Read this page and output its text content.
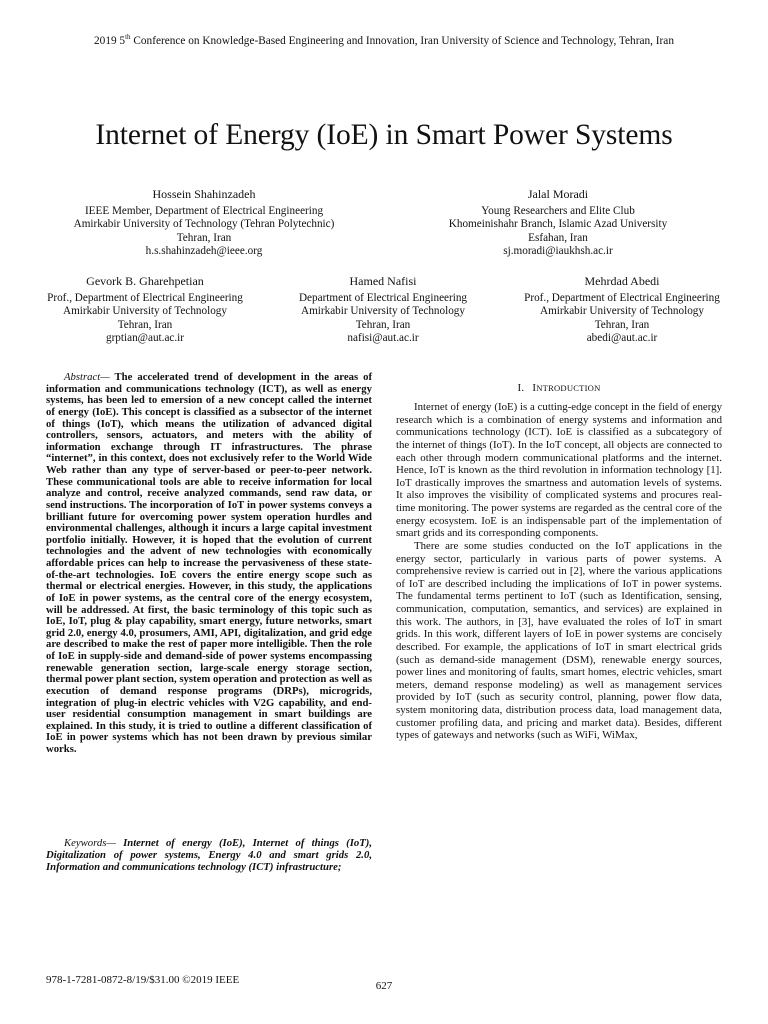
2019 5th Conference on Knowledge-Based Engineering and Innovation, Iran University of Science and Technology, Tehran, Iran
Internet of Energy (IoE) in Smart Power Systems
Hossein Shahinzadeh
IEEE Member, Department of Electrical Engineering
Amirkabir University of Technology (Tehran Polytechnic)
Tehran, Iran
h.s.shahinzadeh@ieee.org
Jalal Moradi
Young Researchers and Elite Club
Khomeinishahr Branch, Islamic Azad University
Esfahan, Iran
sj.moradi@iaukhsh.ac.ir
Gevork B. Gharehpetian
Prof., Department of Electrical Engineering
Amirkabir University of Technology
Tehran, Iran
grptian@aut.ac.ir
Hamed Nafisi
Department of Electrical Engineering
Amirkabir University of Technology
Tehran, Iran
nafisi@aut.ac.ir
Mehrdad Abedi
Prof., Department of Electrical Engineering
Amirkabir University of Technology
Tehran, Iran
abedi@aut.ac.ir
Abstract— The accelerated trend of development in the areas of information and communications technology (ICT), as well as energy systems, has been led to emersion of a new concept called the internet of energy (IoE). This concept is classified as a subsector of the internet of things (IoT), which means the utilization of advanced digital controllers, sensors, actuators, and meters with the ability of information exchange through IT infrastructures. The phrase “internet”, in this context, does not exclusively refer to the World Wide Web rather than any type of server-based or peer-to-peer network. These communicational tools are able to receive information for local analyze and control, receive analyzed commands, send raw data, or send instructions. The incorporation of IoT in power systems conveys a brilliant future for overcoming power system operation hurdles and environmental challenges, although it incurs a large capital investment portfolio initially. However, it is hoped that the evolution of current technologies and the advent of new technologies with economically affordable prices can help to increase the pervasiveness of these state-of-the-art technologies. IoE covers the entire energy scope such as thermal or electrical energies. However, in this study, the applications of IoE in power systems, as the central core of the energy ecosystem, will be addressed. At first, the basic terminology of this topic such as IoE, IoT, plug & play capability, smart energy, future networks, smart grid 2.0, energy 4.0, prosumers, AMI, API, digitalization, and grid edge are described to make the rest of paper more intelligible. Then the role of IoE in supply-side and demand-side of power systems encompassing renewable generation section, large-scale energy storage section, thermal power plant section, system operation and protection as well as execution of demand response programs (DRPs), microgrids, integration of plug-in electric vehicles with V2G capability, and end-user residential consumption management in smart buildings are explained. In this study, it is tried to outline a different classification of IoE in power systems which has not been drawn by previous similar works.
Keywords— Internet of energy (IoE), Internet of things (IoT), Digitalization of power systems, Energy 4.0 and smart grids 2.0, Information and communications technology (ICT) infrastructure;
I. INTRODUCTION

Internet of energy (IoE) is a cutting-edge concept in the field of energy research which is a combination of energy systems and information and communications technology (ICT). IoE is classified as a subcategory of the internet of things (IoT). In the IoT concept, all objects are connected to each other through modern communicational platforms and the internet. Hence, IoT is known as the third revolution in information technology [1]. IoT drastically improves the smartness and automation levels of systems. It also improves the visibility of complicated systems and procures real-time monitoring. The power systems are regarded as the central core of the energy ecosystem. IoE is an indispensable part of the implementation of smart grids and its corresponding components.

There are some studies conducted on the IoT applications in the energy sector, particularly in various parts of power systems. A comprehensive review is carried out in [2], where the various applications of IoT are described including the implications of IoT in power systems. The fundamental terms pertinent to IoT (such as Identification, sensing, communication, computation, semantics, and services) are explained in this work. The authors, in [3], have evaluated the roles of IoT in smart grids. In this work, different layers of IoE in power systems are concisely described. For example, the applications of IoT in smart electrical grids (such as demand-side management (DSM), renewable energy sources, power lines and monitoring of faults, smart homes, electric vehicles, smart meters, demand response modeling) as well as management services provided by IoT (such as security control, planning, power flow data, system monitoring data, distribution process data, load management data, customer profiling data, and pricing and market data). Besides, different types of gateways and networks (such as WiFi, WiMax,

978-1-7281-0872-8/19/$31.00 ©2019 IEEE	627
